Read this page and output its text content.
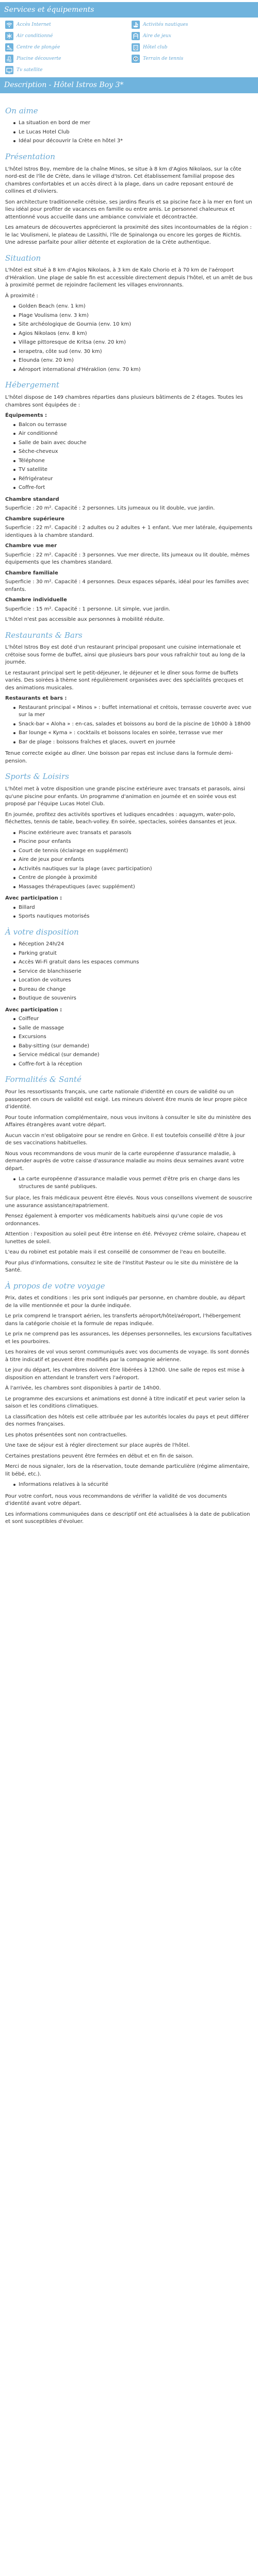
Services et équipements
Accès Internet	Activités nautiques
Air conditionné	Aire de jeux
Centre de plongée	Hôtel club
Piscine découverte	Terrain de tennis
Tv satellite
Description - Hôtel Istros Boy 3*
On aime
La situation en bord de mer
Le Lucas Hotel Club
Idéal pour découvrir la Crète en hôtel 3*
Présentation

L'hôtel Istros Boy, membre de la chaîne Minos, se situe à 8 km d'Agios Nikolaos, sur la côte nord-est de l'île de Crète, dans le village d'Istron. Cet établissement familial propose des chambres confortables et un accès direct à la plage, dans un cadre reposant entouré de collines et d'oliviers.

Son architecture traditionnelle crétoise, ses jardins fleuris et sa piscine face à la mer en font un lieu idéal pour profiter de vacances en famille ou entre amis. Le personnel chaleureux et attentionné vous accueille dans une ambiance conviviale et décontractée.

Les amateurs de découvertes apprécieront la proximité des sites incontournables de la région : le lac Voulismeni, le plateau de Lassithi, l'île de Spinalonga ou encore les gorges de Richtis. Une adresse parfaite pour allier détente et exploration de la Crète authentique.

Situation

L'hôtel est situé à 8 km d'Agios Nikolaos, à 3 km de Kalo Chorio et à 70 km de l'aéroport d'Héraklion. Une plage de sable fin est accessible directement depuis l'hôtel, et un arrêt de bus à proximité permet de rejoindre facilement les villages environnants.

À proximité :

Golden Beach (env. 1 km)
Plage Voulisma (env. 3 km)
Site archéologique de Gournia (env. 10 km)
Agios Nikolaos (env. 8 km)
Village pittoresque de Kritsa (env. 20 km)
Ierapetra, côte sud (env. 30 km)
Elounda (env. 20 km)
Aéroport international d'Héraklion (env. 70 km)
Hébergement

L'hôtel dispose de 149 chambres réparties dans plusieurs bâtiments de 2 étages. Toutes les chambres sont équipées de :

Équipements :
Balcon ou terrasse
Air conditionné
Salle de bain avec douche
Sèche-cheveux
Téléphone
TV satellite
Réfrigérateur
Coffre-fort
Chambre standard

Superficie : 20 m². Capacité : 2 personnes. Lits jumeaux ou lit double, vue jardin.

Chambre supérieure

Superficie : 22 m². Capacité : 2 adultes ou 2 adultes + 1 enfant. Vue mer latérale, équipements identiques à la chambre standard.

Chambre vue mer

Superficie : 22 m². Capacité : 3 personnes. Vue mer directe, lits jumeaux ou lit double, mêmes équipements que les chambres standard.

Chambre familiale

Superficie : 30 m². Capacité : 4 personnes. Deux espaces séparés, idéal pour les familles avec enfants.

Chambre individuelle

Superficie : 15 m². Capacité : 1 personne. Lit simple, vue jardin.

L'hôtel n'est pas accessible aux personnes à mobilité réduite.

Restaurants & Bars

L'hôtel Istros Boy est doté d'un restaurant principal proposant une cuisine internationale et crétoise sous forme de buffet, ainsi que plusieurs bars pour vous rafraîchir tout au long de la journée.

Le restaurant principal sert le petit-déjeuner, le déjeuner et le dîner sous forme de buffets variés. Des soirées à thème sont régulièrement organisées avec des spécialités grecques et des animations musicales.

Restaurants et bars :
Restaurant principal « Minos » : buffet international et crétois, terrasse couverte avec vue sur la mer
Snack-bar « Aloha » : en-cas, salades et boissons au bord de la piscine de 10h00 à 18h00
Bar lounge « Kyma » : cocktails et boissons locales en soirée, terrasse vue mer
Bar de plage : boissons fraîches et glaces, ouvert en journée

Tenue correcte exigée au dîner. Une boisson par repas est incluse dans la formule demi-pension.

Sports & Loisirs

L'hôtel met à votre disposition une grande piscine extérieure avec transats et parasols, ainsi qu'une piscine pour enfants. Un programme d'animation en journée et en soirée vous est proposé par l'équipe Lucas Hotel Club.

En journée, profitez des activités sportives et ludiques encadrées : aquagym, water-polo, fléchettes, tennis de table, beach-volley. En soirée, spectacles, soirées dansantes et jeux.

Piscine extérieure avec transats et parasols
Piscine pour enfants
Court de tennis (éclairage en supplément)
Aire de jeux pour enfants
Activités nautiques sur la plage (avec participation)
Centre de plongée à proximité
Massages thérapeutiques (avec supplément)
Avec participation :
Billard
Sports nautiques motorisés
À votre disposition
Réception 24h/24
Parking gratuit
Accès Wi-Fi gratuit dans les espaces communs
Service de blanchisserie
Location de voitures
Bureau de change
Boutique de souvenirs
Avec participation :
Coiffeur
Salle de massage
Excursions
Baby-sitting (sur demande)
Service médical (sur demande)
Coffre-fort à la réception
Formalités & Santé

Pour les ressortissants français, une carte nationale d'identité en cours de validité ou un passeport en cours de validité est exigé. Les mineurs doivent être munis de leur propre pièce d'identité.

Pour toute information complémentaire, nous vous invitons à consulter le site du ministère des Affaires étrangères avant votre départ.

Aucun vaccin n'est obligatoire pour se rendre en Grèce. Il est toutefois conseillé d'être à jour de ses vaccinations habituelles.

Nous vous recommandons de vous munir de la carte européenne d'assurance maladie, à demander auprès de votre caisse d'assurance maladie au moins deux semaines avant votre départ.

La carte européenne d'assurance maladie vous permet d'être pris en charge dans les structures de santé publiques.

Sur place, les frais médicaux peuvent être élevés. Nous vous conseillons vivement de souscrire une assurance assistance/rapatriement.

Pensez également à emporter vos médicaments habituels ainsi qu'une copie de vos ordonnances.

Attention : l'exposition au soleil peut être intense en été. Prévoyez crème solaire, chapeau et lunettes de soleil.

L'eau du robinet est potable mais il est conseillé de consommer de l'eau en bouteille.

Pour plus d'informations, consultez le site de l'Institut Pasteur ou le site du ministère de la Santé.

À propos de votre voyage

Prix, dates et conditions : les prix sont indiqués par personne, en chambre double, au départ de la ville mentionnée et pour la durée indiquée.

Le prix comprend le transport aérien, les transferts aéroport/hôtel/aéroport, l'hébergement dans la catégorie choisie et la formule de repas indiquée.

Le prix ne comprend pas les assurances, les dépenses personnelles, les excursions facultatives et les pourboires.

Les horaires de vol vous seront communiqués avec vos documents de voyage. Ils sont donnés à titre indicatif et peuvent être modifiés par la compagnie aérienne.

Le jour du départ, les chambres doivent être libérées à 12h00. Une salle de repos est mise à disposition en attendant le transfert vers l'aéroport.

À l'arrivée, les chambres sont disponibles à partir de 14h00.

Le programme des excursions et animations est donné à titre indicatif et peut varier selon la saison et les conditions climatiques.

La classification des hôtels est celle attribuée par les autorités locales du pays et peut différer des normes françaises.

Les photos présentées sont non contractuelles.

Une taxe de séjour est à régler directement sur place auprès de l'hôtel.

Certaines prestations peuvent être fermées en début et en fin de saison.

Merci de nous signaler, lors de la réservation, toute demande particulière (régime alimentaire, lit bébé, etc.).

Informations relatives à la sécurité

Pour votre confort, nous vous recommandons de vérifier la validité de vos documents d'identité avant votre départ.

Les informations communiquées dans ce descriptif ont été actualisées à la date de publication et sont susceptibles d'évoluer.
